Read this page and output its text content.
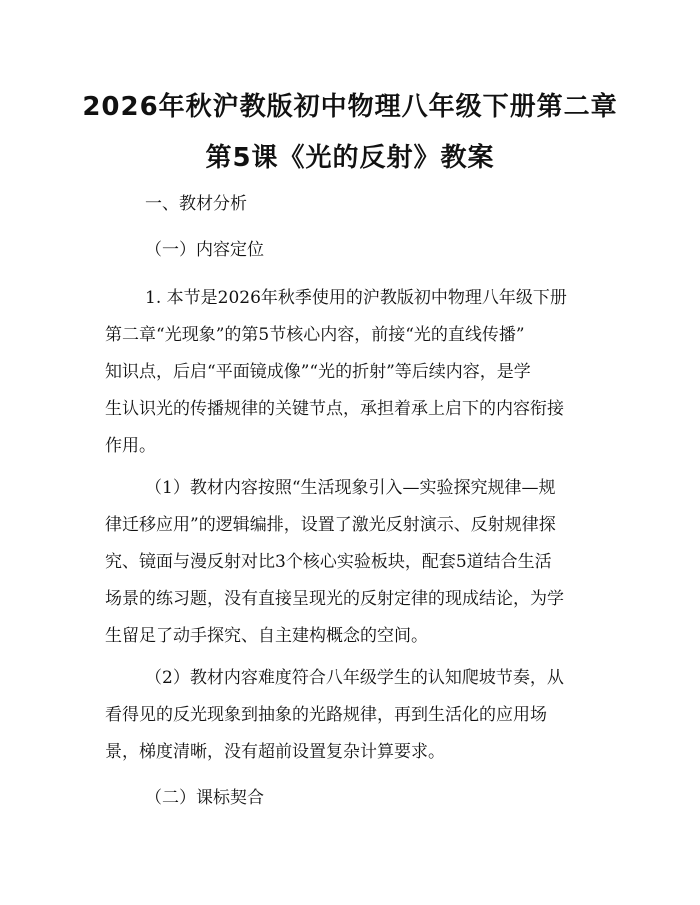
2026年秋沪教版初中物理八年级下册第二章
第5课《光的反射》教案
一、教材分析
（一）内容定位
1. 本节是2026年秋季使用的沪教版初中物理八年级下册
第二章“光现象”的第5节核心内容，前接“光的直线传播”
知识点，后启“平面镜成像”“光的折射”等后续内容，是学
生认识光的传播规律的关键节点，承担着承上启下的内容衔接
作用。
（1）教材内容按照“生活现象引入—实验探究规律—规
律迁移应用”的逻辑编排，设置了激光反射演示、反射规律探
究、镜面与漫反射对比3个核心实验板块，配套5道结合生活
场景的练习题，没有直接呈现光的反射定律的现成结论，为学
生留足了动手探究、自主建构概念的空间。
（2）教材内容难度符合八年级学生的认知爬坡节奏，从
看得见的反光现象到抽象的光路规律，再到生活化的应用场
景，梯度清晰，没有超前设置复杂计算要求。
（二）课标契合
